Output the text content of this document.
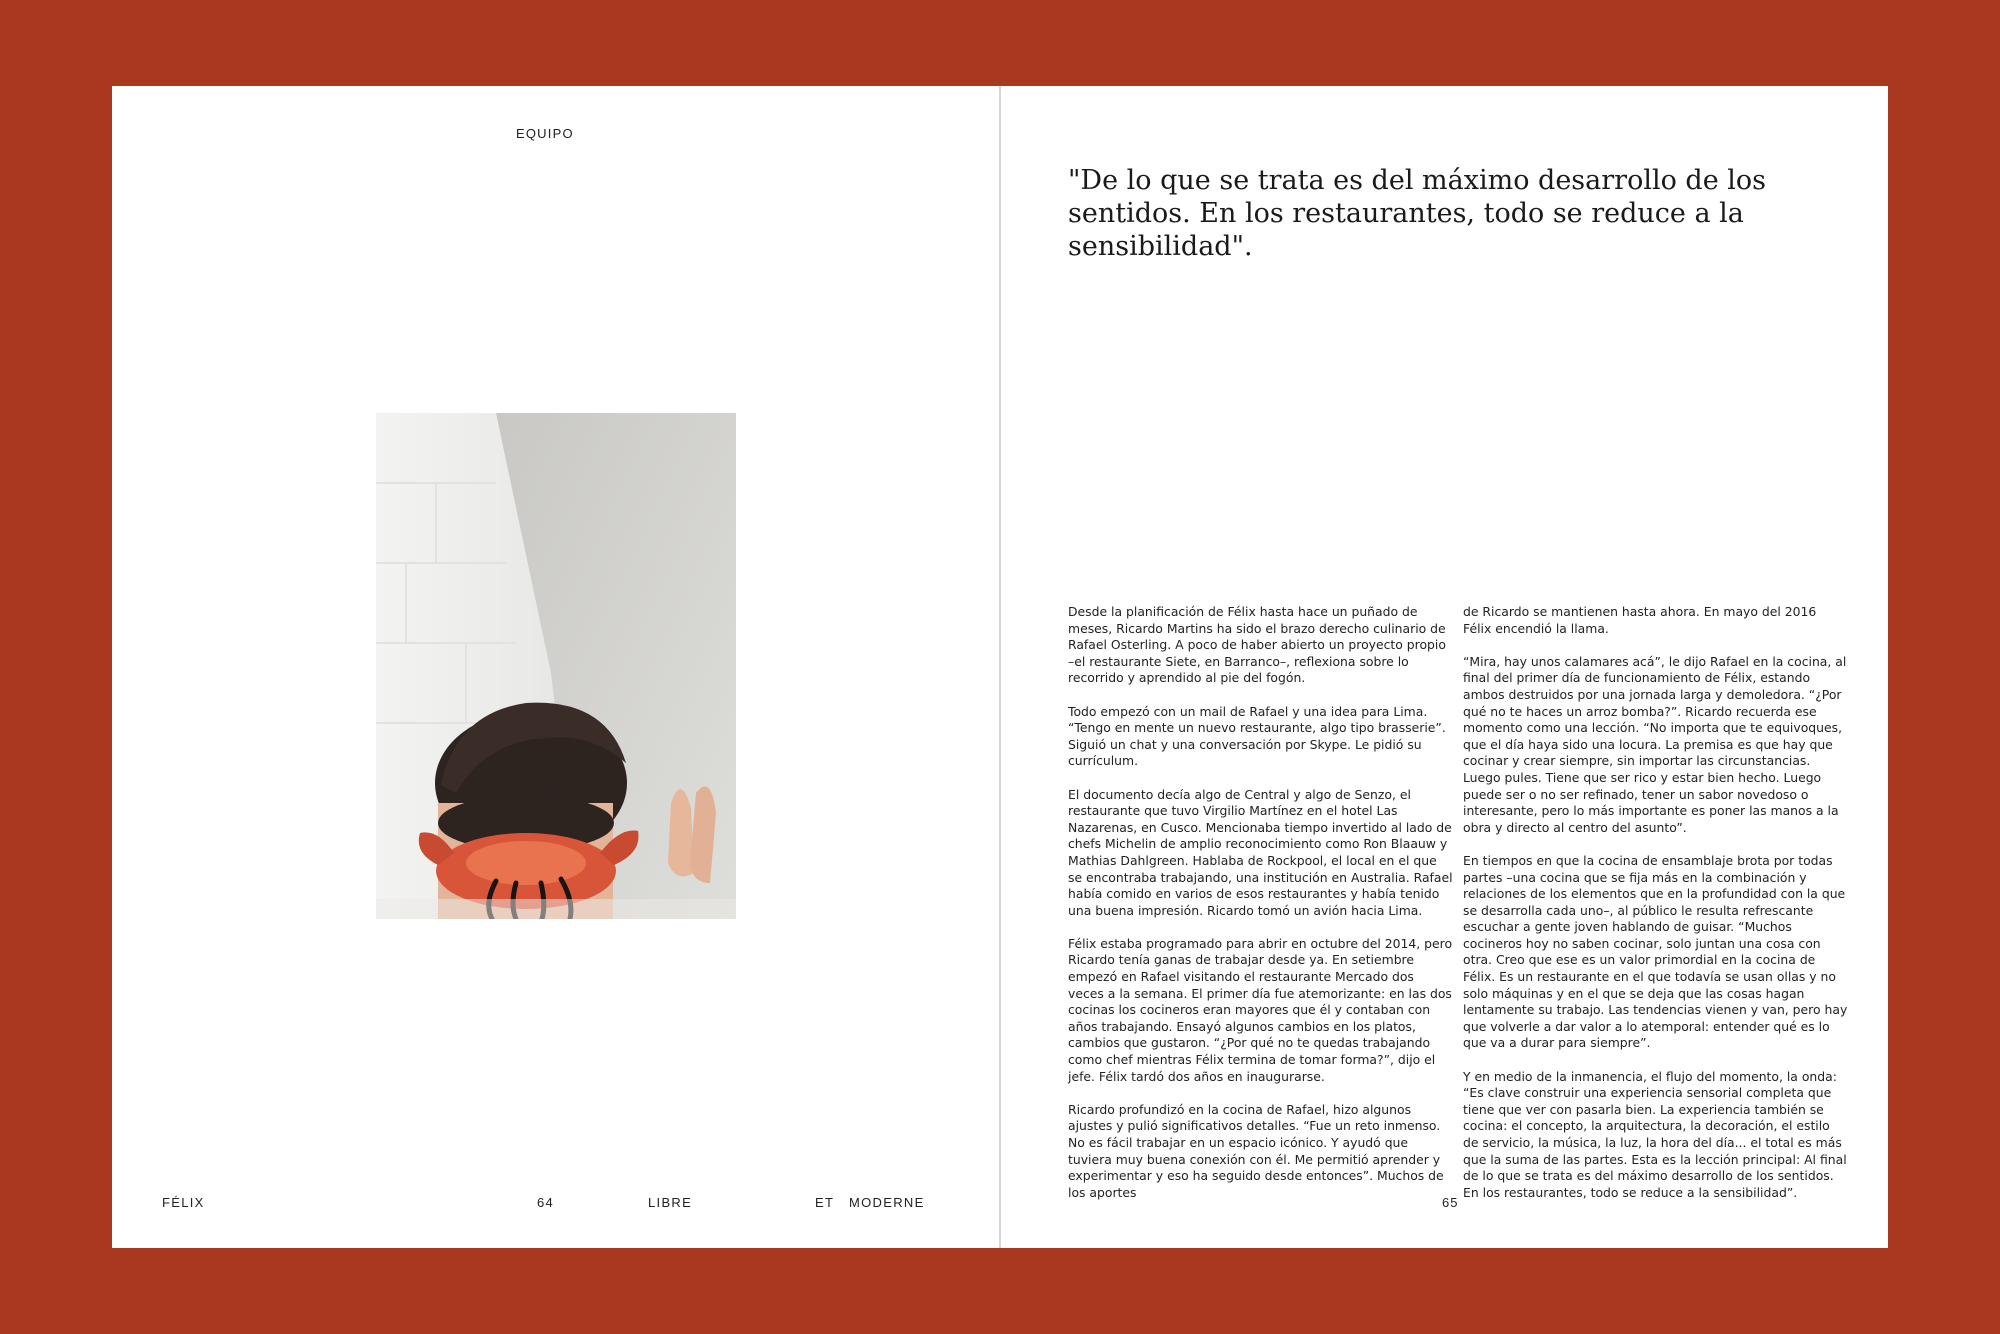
EQUIPO
FÉLIX	64	LIBRE	ET MODERNE
"De lo que se trata es del máximo desarrollo de los sentidos. En los restaurantes, todo se reduce a la sensibilidad".

Desde la planificación de Félix hasta hace un puñado de meses, Ricardo Martins ha sido el brazo derecho culinario de Rafael Osterling. A poco de haber abierto un proyecto propio –el restaurante Siete, en Barranco–, reflexiona sobre lo recorrido y aprendido al pie del fogón.

Todo empezó con un mail de Rafael y una idea para Lima. “Tengo en mente un nuevo restaurante, algo tipo brasserie”. Siguió un chat y una conversación por Skype. Le pidió su currículum.

El documento decía algo de Central y algo de Senzo, el restaurante que tuvo Virgilio Martínez en el hotel Las Nazarenas, en Cusco. Mencionaba tiempo invertido al lado de chefs Michelin de amplio reconocimiento como Ron Blaauw y Mathias Dahlgreen. Hablaba de Rockpool, el local en el que se encontraba trabajando, una institución en Australia. Rafael había comido en varios de esos restaurantes y había tenido una buena impresión. Ricardo tomó un avión hacia Lima.

Félix estaba programado para abrir en octubre del 2014, pero Ricardo tenía ganas de trabajar desde ya. En setiembre empezó en Rafael visitando el restaurante Mercado dos veces a la semana. El primer día fue atemorizante: en las dos cocinas los cocineros eran mayores que él y contaban con años trabajando. Ensayó algunos cambios en los platos, cambios que gustaron. “¿Por qué no te quedas trabajando como chef mientras Félix termina de tomar forma?”, dijo el jefe. Félix tardó dos años en inaugurarse.

Ricardo profundizó en la cocina de Rafael, hizo algunos ajustes y pulió significativos detalles. “Fue un reto inmenso. No es fácil trabajar en un espacio icónico. Y ayudó que tuviera muy buena conexión con él. Me permitió aprender y experimentar y eso ha seguido desde entonces”. Muchos de los aportes

de Ricardo se mantienen hasta ahora. En mayo del 2016 Félix encendió la llama.

“Mira, hay unos calamares acá”, le dijo Rafael en la cocina, al final del primer día de funcionamiento de Félix, estando ambos destruidos por una jornada larga y demoledora. “¿Por qué no te haces un arroz bomba?”. Ricardo recuerda ese momento como una lección. “No importa que te equivoques, que el día haya sido una locura. La premisa es que hay que cocinar y crear siempre, sin importar las circunstancias. Luego pules. Tiene que ser rico y estar bien hecho. Luego puede ser o no ser refinado, tener un sabor novedoso o interesante, pero lo más importante es poner las manos a la obra y directo al centro del asunto”.

En tiempos en que la cocina de ensamblaje brota por todas partes –una cocina que se fija más en la combinación y relaciones de los elementos que en la profundidad con la que se desarrolla cada uno–, al público le resulta refrescante escuchar a gente joven hablando de guisar. “Muchos cocineros hoy no saben cocinar, solo juntan una cosa con otra. Creo que ese es un valor primordial en la cocina de Félix. Es un restaurante en el que todavía se usan ollas y no solo máquinas y en el que se deja que las cosas hagan lentamente su trabajo. Las tendencias vienen y van, pero hay que volverle a dar valor a lo atemporal: entender qué es lo que va a durar para siempre”.

Y en medio de la inmanencia, el flujo del momento, la onda: “Es clave construir una experiencia sensorial completa que tiene que ver con pasarla bien. La experiencia también se cocina: el concepto, la arquitectura, la decoración, el estilo de servicio, la música, la luz, la hora del día... el total es más que la suma de las partes. Esta es la lección principal: Al final de lo que se trata es del máximo desarrollo de los sentidos. En los restaurantes, todo se reduce a la sensibilidad”.

65
